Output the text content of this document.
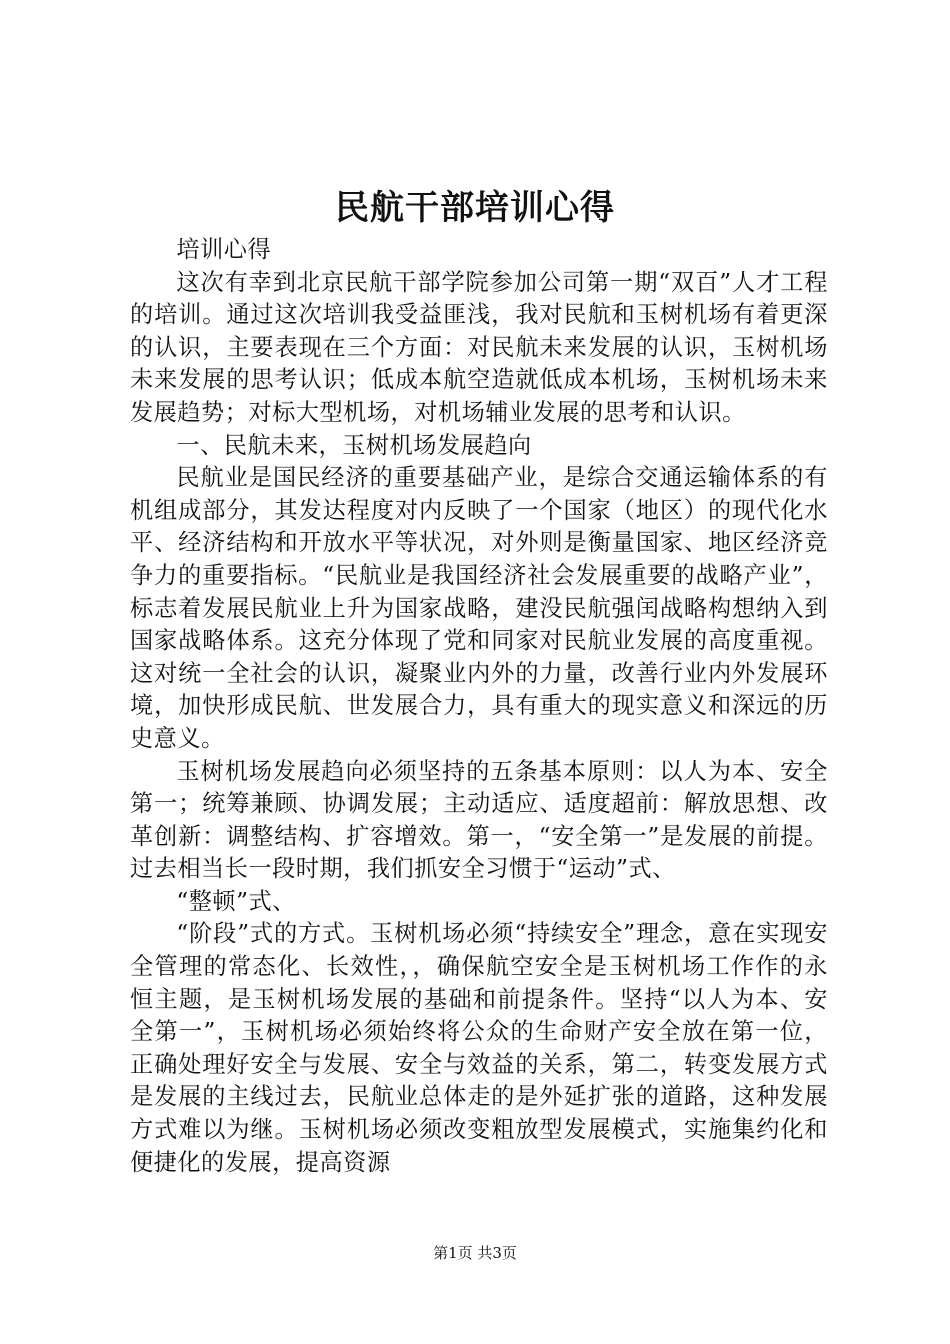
民航干部培训心得

培训心得

这次有幸到北京民航干部学院参加公司第一期“双百”人才工程的培训。通过这次培训我受益匪浅，我对民航和玉树机场有着更深的认识，主要表现在三个方面：对民航未来发展的认识，玉树机场未来发展的思考认识；低成本航空造就低成本机场，玉树机场未来发展趋势；对标大型机场，对机场辅业发展的思考和认识。

一、民航未来，玉树机场发展趋向

民航业是国民经济的重要基础产业，是综合交通运输体系的有机组成部分，其发达程度对内反映了一个国家（地区）的现代化水平、经济结构和开放水平等状况，对外则是衡量国家、地区经济竞争力的重要指标。“民航业是我国经济社会发展重要的战略产业”，标志着发展民航业上升为国家战略，建没民航强闰战略构想纳入到国家战略体系。这充分体现了党和同家对民航业发展的高度重视。这对统一全社会的认识，凝聚业内外的力量，改善行业内外发展环境，加快形成民航、世发展合力，具有重大的现实意义和深远的历史意义。

玉树机场发展趋向必须坚持的五条基本原则：以人为本、安全第一；统筹兼顾、协调发展；主动适应、适度超前：解放思想、改革创新：调整结构、扩容增效。第一，“安全第一”是发展的前提。过去相当长一段时期，我们抓安全习惯于“运动”式、

“整顿”式、

“阶段”式的方式。玉树机场必须“持续安全”理念，意在实现安全管理的常态化、长效性，，确保航空安全是玉树机场工作作的永恒主题，是玉树机场发展的基础和前提条件。坚持“以人为本、安全第一”，玉树机场必须始终将公众的生命财产安全放在第一位，正确处理好安全与发展、安全与效益的关系，第二，转变发展方式是发展的主线过去，民航业总体走的是外延扩张的道路，这种发展方式难以为继。玉树机场必须改变粗放型发展模式，实施集约化和便捷化的发展，提高资源

第1页 共3页
